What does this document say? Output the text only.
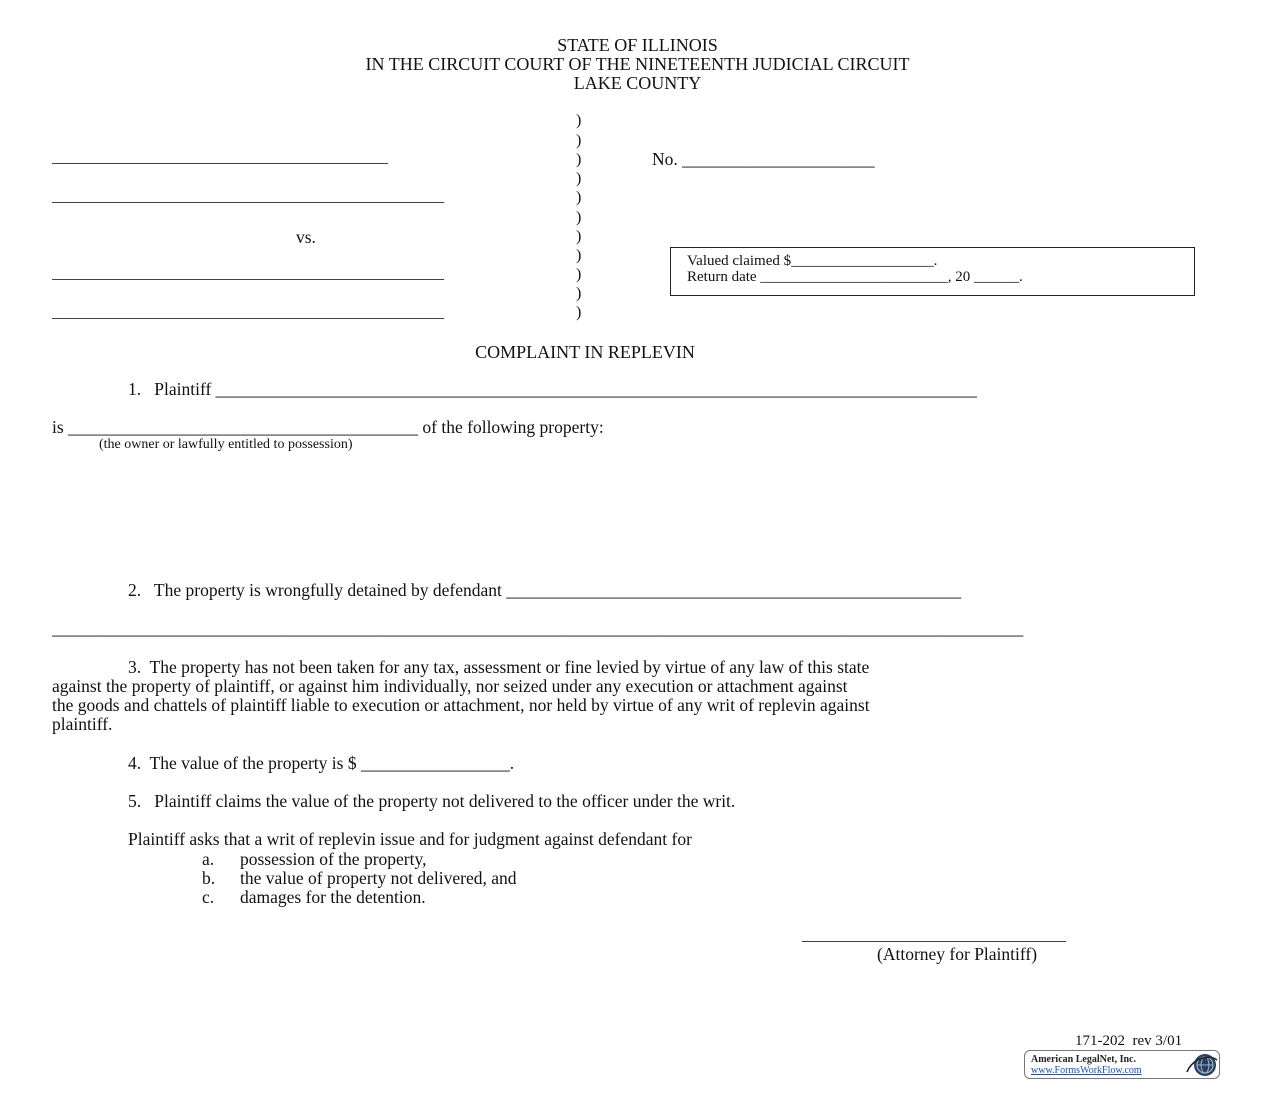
STATE OF ILLINOIS
IN THE CIRCUIT COURT OF THE NINETEENTH JUDICIAL CIRCUIT
LAKE COUNTY
__________________________________________
_________________________________________________
vs.
_________________________________________________
_________________________________________________
)
)
)
)
)
)
)
)
)
)
)
No. ______________________
Valued claimed $___________________.
Return date _________________________, 20 ______.
COMPLAINT IN REPLEVIN
1.   Plaintiff _______________________________________________________________________________________
is ________________________________________ of the following property:
(the owner or lawfully entitled to possession)
2.   The property is wrongfully detained by defendant ____________________________________________________
_______________________________________________________________________________________________________________
3.  The property has not been taken for any tax, assessment or fine levied by virtue of any law of this state
against the property of plaintiff, or against him individually, nor seized under any execution or attachment against
the goods and chattels of plaintiff liable to execution or attachment, nor held by virtue of any writ of replevin against
plaintiff.
4.  The value of the property is $ _________________.
5.   Plaintiff claims the value of the property not delivered to the officer under the writ.
Plaintiff asks that a writ of replevin issue and for judgment against defendant for
a. possession of the property,
b. the value of property not delivered, and
c. damages for the detention.
_________________________________
(Attorney for Plaintiff)
171-202  rev 3/01
American LegalNet, Inc.
www.FormsWorkFlow.com
